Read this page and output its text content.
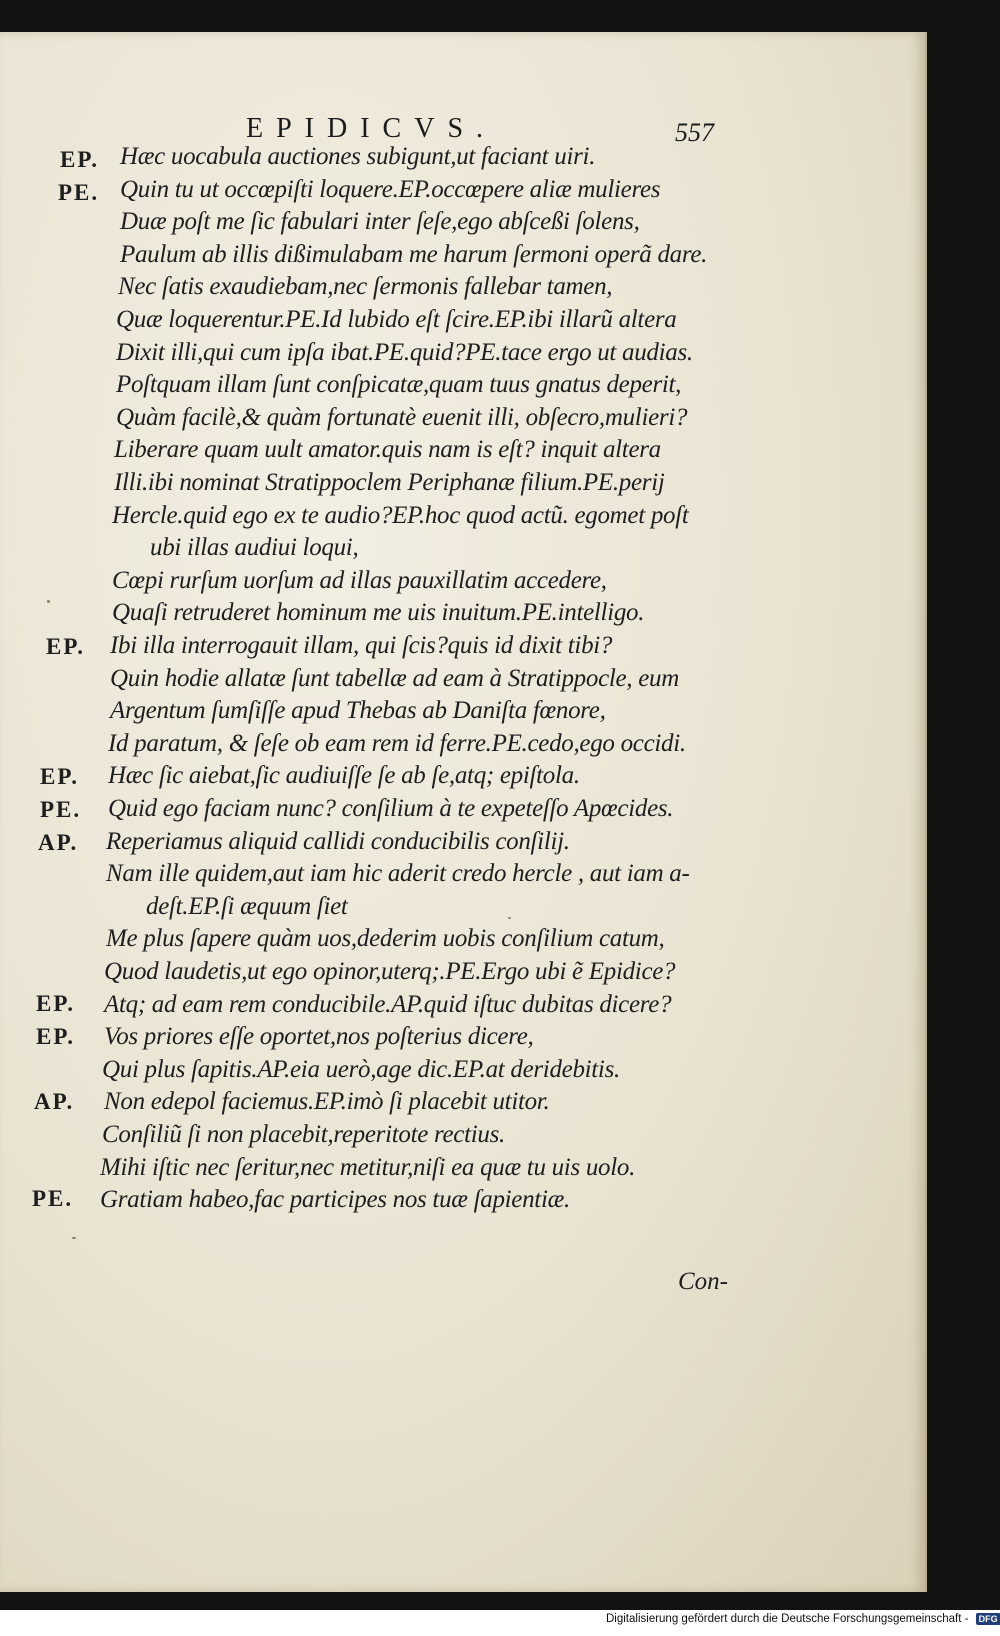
EPIDICVS.	557
EP.
PE.
EP.
EP.
PE.
AP.
EP.
EP.
AP.
PE.
Hæc uocabula auctiones subigunt,ut faciant uiri.
Quin tu ut occœpiſti loquere.EP.occœpere aliæ mulieres
Duæ poſt me ſic fabulari inter ſeſe,ego abſceßi ſolens,
Paulum ab illis dißimulabam me harum ſermoni operã dare.
Nec ſatis exaudiebam,nec ſermonis fallebar tamen,
Quæ loquerentur.PE.Id lubido eſt ſcire.EP.ibi illarũ altera
Dixit illi,qui cum ipſa ibat.PE.quid?PE.tace ergo ut audias.
Poſtquam illam ſunt conſpicatæ,quam tuus gnatus deperit,
Quàm facilè,& quàm fortunatè euenit illi, obſecro,mulieri?
Liberare quam uult amator.quis nam is eſt? inquit altera
Illi.ibi nominat Stratippoclem Periphanæ filium.PE.perij
Hercle.quid ego ex te audio?EP.hoc quod actũ. egomet poſt
ubi illas audiui loqui,
Cœpi rurſum uorſum ad illas pauxillatim accedere,
Quaſi retruderet hominum me uis inuitum.PE.intelligo.
Ibi illa interrogauit illam, qui ſcis?quis id dixit tibi?
Quin hodie allatæ ſunt tabellæ ad eam à Stratippocle, eum
Argentum ſumſiſſe apud Thebas ab Daniſta fœnore,
Id paratum, & ſeſe ob eam rem id ferre.PE.cedo,ego occidi.
Hæc ſic aiebat,ſic audiuiſſe ſe ab ſe,atq; epiſtola.
Quid ego faciam nunc? conſilium à te expeteſſo Apœcides.
Reperiamus aliquid callidi conducibilis conſilij.
Nam ille quidem,aut iam hic aderit credo hercle , aut iam a-
deſt.EP.ſi æquum ſiet
Me plus ſapere quàm uos,dederim uobis conſilium catum,
Quod laudetis,ut ego opinor,uterq;.PE.Ergo ubi ẽ Epidice?
Atq; ad eam rem conducibile.AP.quid iſtuc dubitas dicere?
Vos priores eſſe oportet,nos poſterius dicere,
Qui plus ſapitis.AP.eia uerò,age dic.EP.at deridebitis.
Non edepol faciemus.EP.imò ſi placebit utitor.
Conſiliũ ſi non placebit,reperitote rectius.
Mihi iſtic nec ſeritur,nec metitur,niſi ea quæ tu uis uolo.
Gratiam habeo,fac participes nos tuæ ſapientiæ.
Con-
Digitalisierung gefördert durch die Deutsche Forschungsgemeinschaft - DFG
